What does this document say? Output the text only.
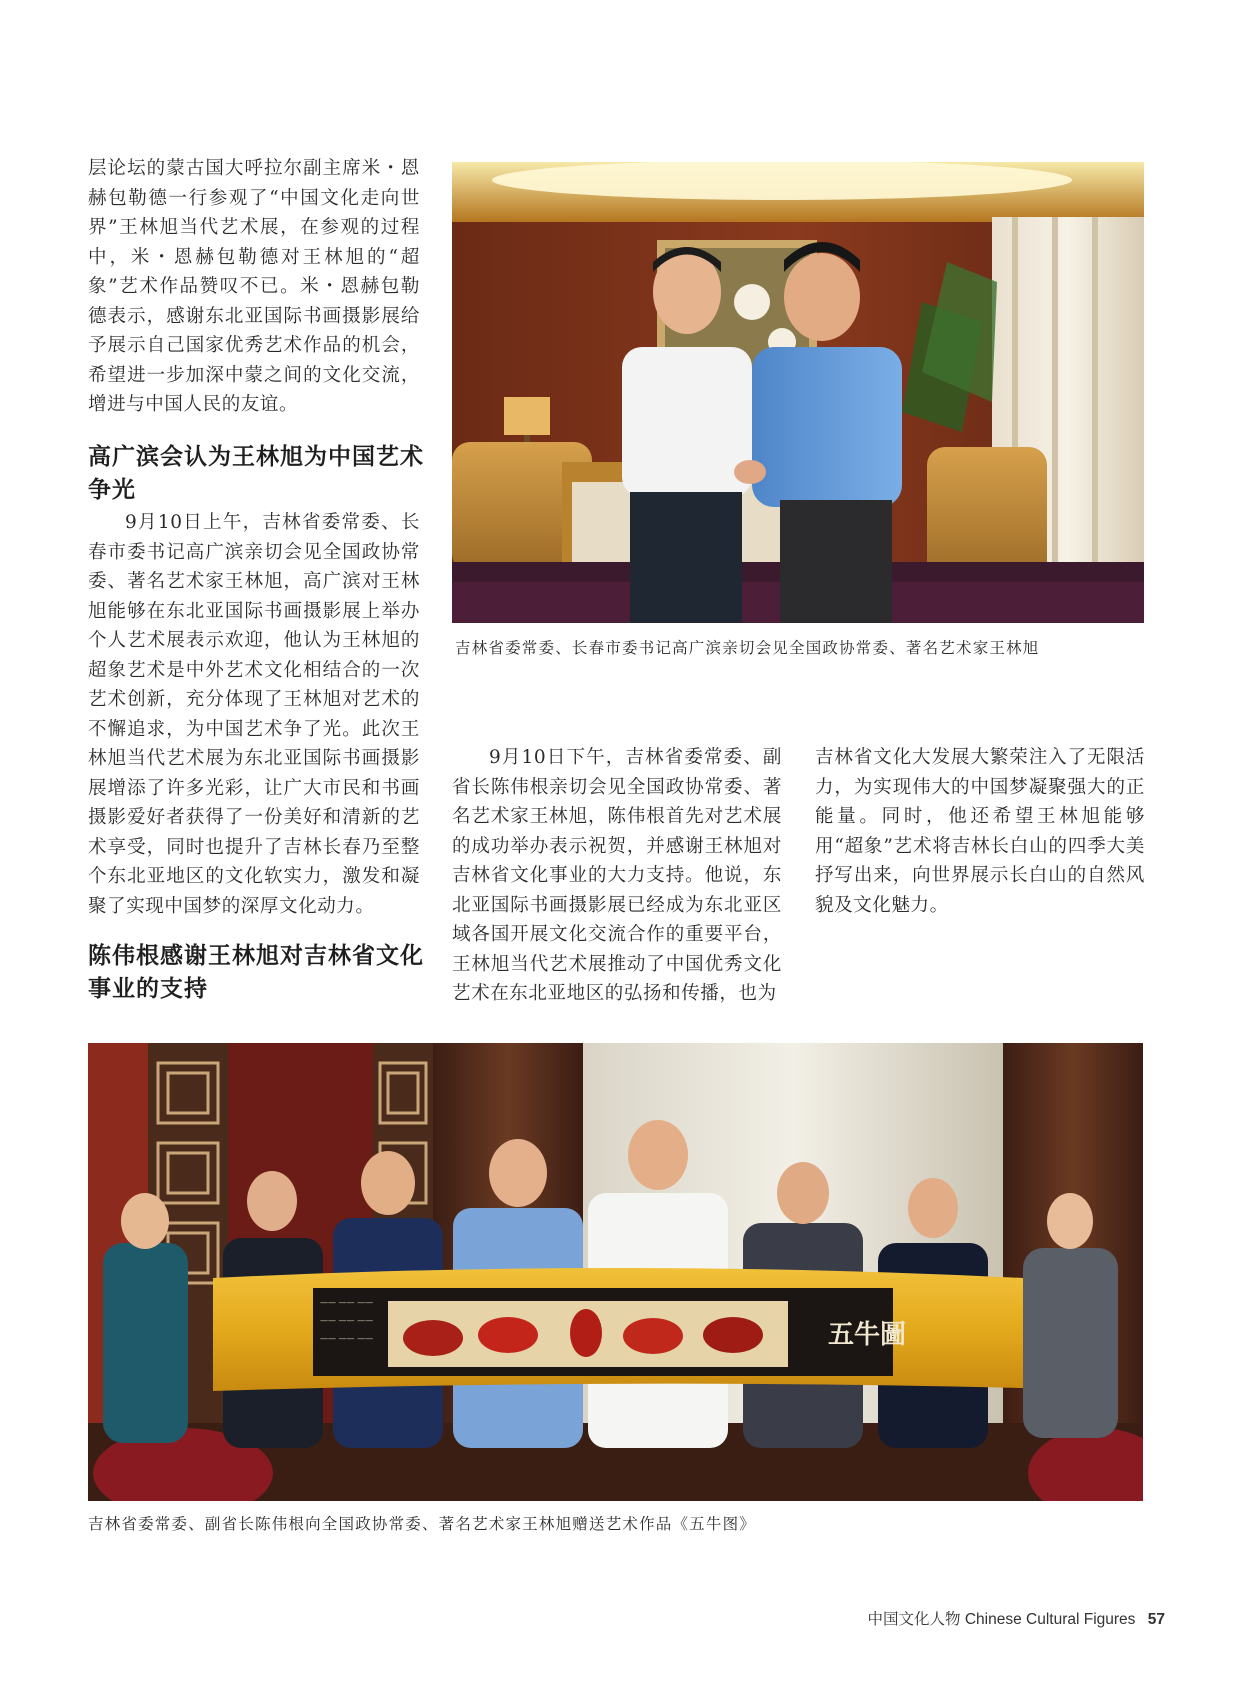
层论坛的蒙古国大呼拉尔副主席米・恩赫包勒德一行参观了“中国文化走向世界”王林旭当代艺术展，在参观的过程中，米・恩赫包勒德对王林旭的“超象”艺术作品赞叹不已。米・恩赫包勒德表示，感谢东北亚国际书画摄影展给予展示自己国家优秀艺术作品的机会，希望进一步加深中蒙之间的文化交流，增进与中国人民的友谊。

高广滨会认为王林旭为中国艺术争光

9月10日上午，吉林省委常委、长春市委书记高广滨亲切会见全国政协常委、著名艺术家王林旭，高广滨对王林旭能够在东北亚国际书画摄影展上举办个人艺术展表示欢迎，他认为王林旭的超象艺术是中外艺术文化相结合的一次艺术创新，充分体现了王林旭对艺术的不懈追求，为中国艺术争了光。此次王林旭当代艺术展为东北亚国际书画摄影展增添了许多光彩，让广大市民和书画摄影爱好者获得了一份美好和清新的艺术享受，同时也提升了吉林长春乃至整个东北亚地区的文化软实力，激发和凝聚了实现中国梦的深厚文化动力。

陈伟根感谢王林旭对吉林省文化事业的支持
吉林省委常委、长春市委书记高广滨亲切会见全国政协常委、著名艺术家王林旭

9月10日下午，吉林省委常委、副省长陈伟根亲切会见全国政协常委、著名艺术家王林旭，陈伟根首先对艺术展的成功举办表示祝贺，并感谢王林旭对吉林省文化事业的大力支持。他说，东北亚国际书画摄影展已经成为东北亚区域各国开展文化交流合作的重要平台，王林旭当代艺术展推动了中国优秀文化艺术在东北亚地区的弘扬和传播，也为

吉林省文化大发展大繁荣注入了无限活力，为实现伟大的中国梦凝聚强大的正能量。同时，他还希望王林旭能够用“超象”艺术将吉林长白山的四季大美抒写出来，向世界展示长白山的自然风貌及文化魅力。

—— —— ——
—— —— ——
—— —— ——	五牛圖
吉林省委常委、副省长陈伟根向全国政协常委、著名艺术家王林旭赠送艺术作品《五牛图》
中国文化人物 Chinese Cultural Figures 57
